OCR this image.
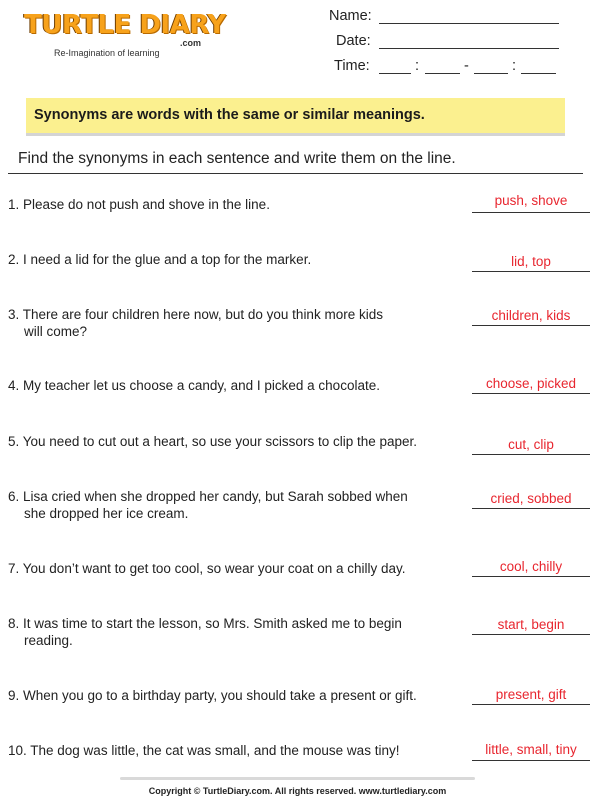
TURTLE DIARY
.com
Re-Imagination of learning
Name:
Date:
Time:	:	-	:
Synonyms are words with the same or similar meanings.
Find the synonyms in each sentence and write them on the line.
1. Please do not push and shove in the line.	push, shove
2. I need a lid for the glue and a top for the marker.	lid, top
3. There are four children here now, but do you think more kids
will come?
children, kids
4. My teacher let us choose a candy, and I picked a chocolate.	choose, picked
5. You need to cut out a heart, so use your scissors to clip the paper.	cut, clip
6. Lisa cried when she dropped her candy, but Sarah sobbed when
she dropped her ice cream.
cried, sobbed
7. You don’t want to get too cool, so wear your coat on a chilly day.	cool, chilly
8. It was time to start the lesson, so Mrs. Smith asked me to begin
reading.
start, begin
9. When you go to a birthday party, you should take a present or gift.	present, gift
10. The dog was little, the cat was small, and the mouse was tiny!	little, small, tiny
Copyright © TurtleDiary.com. All rights reserved. www.turtlediary.com
